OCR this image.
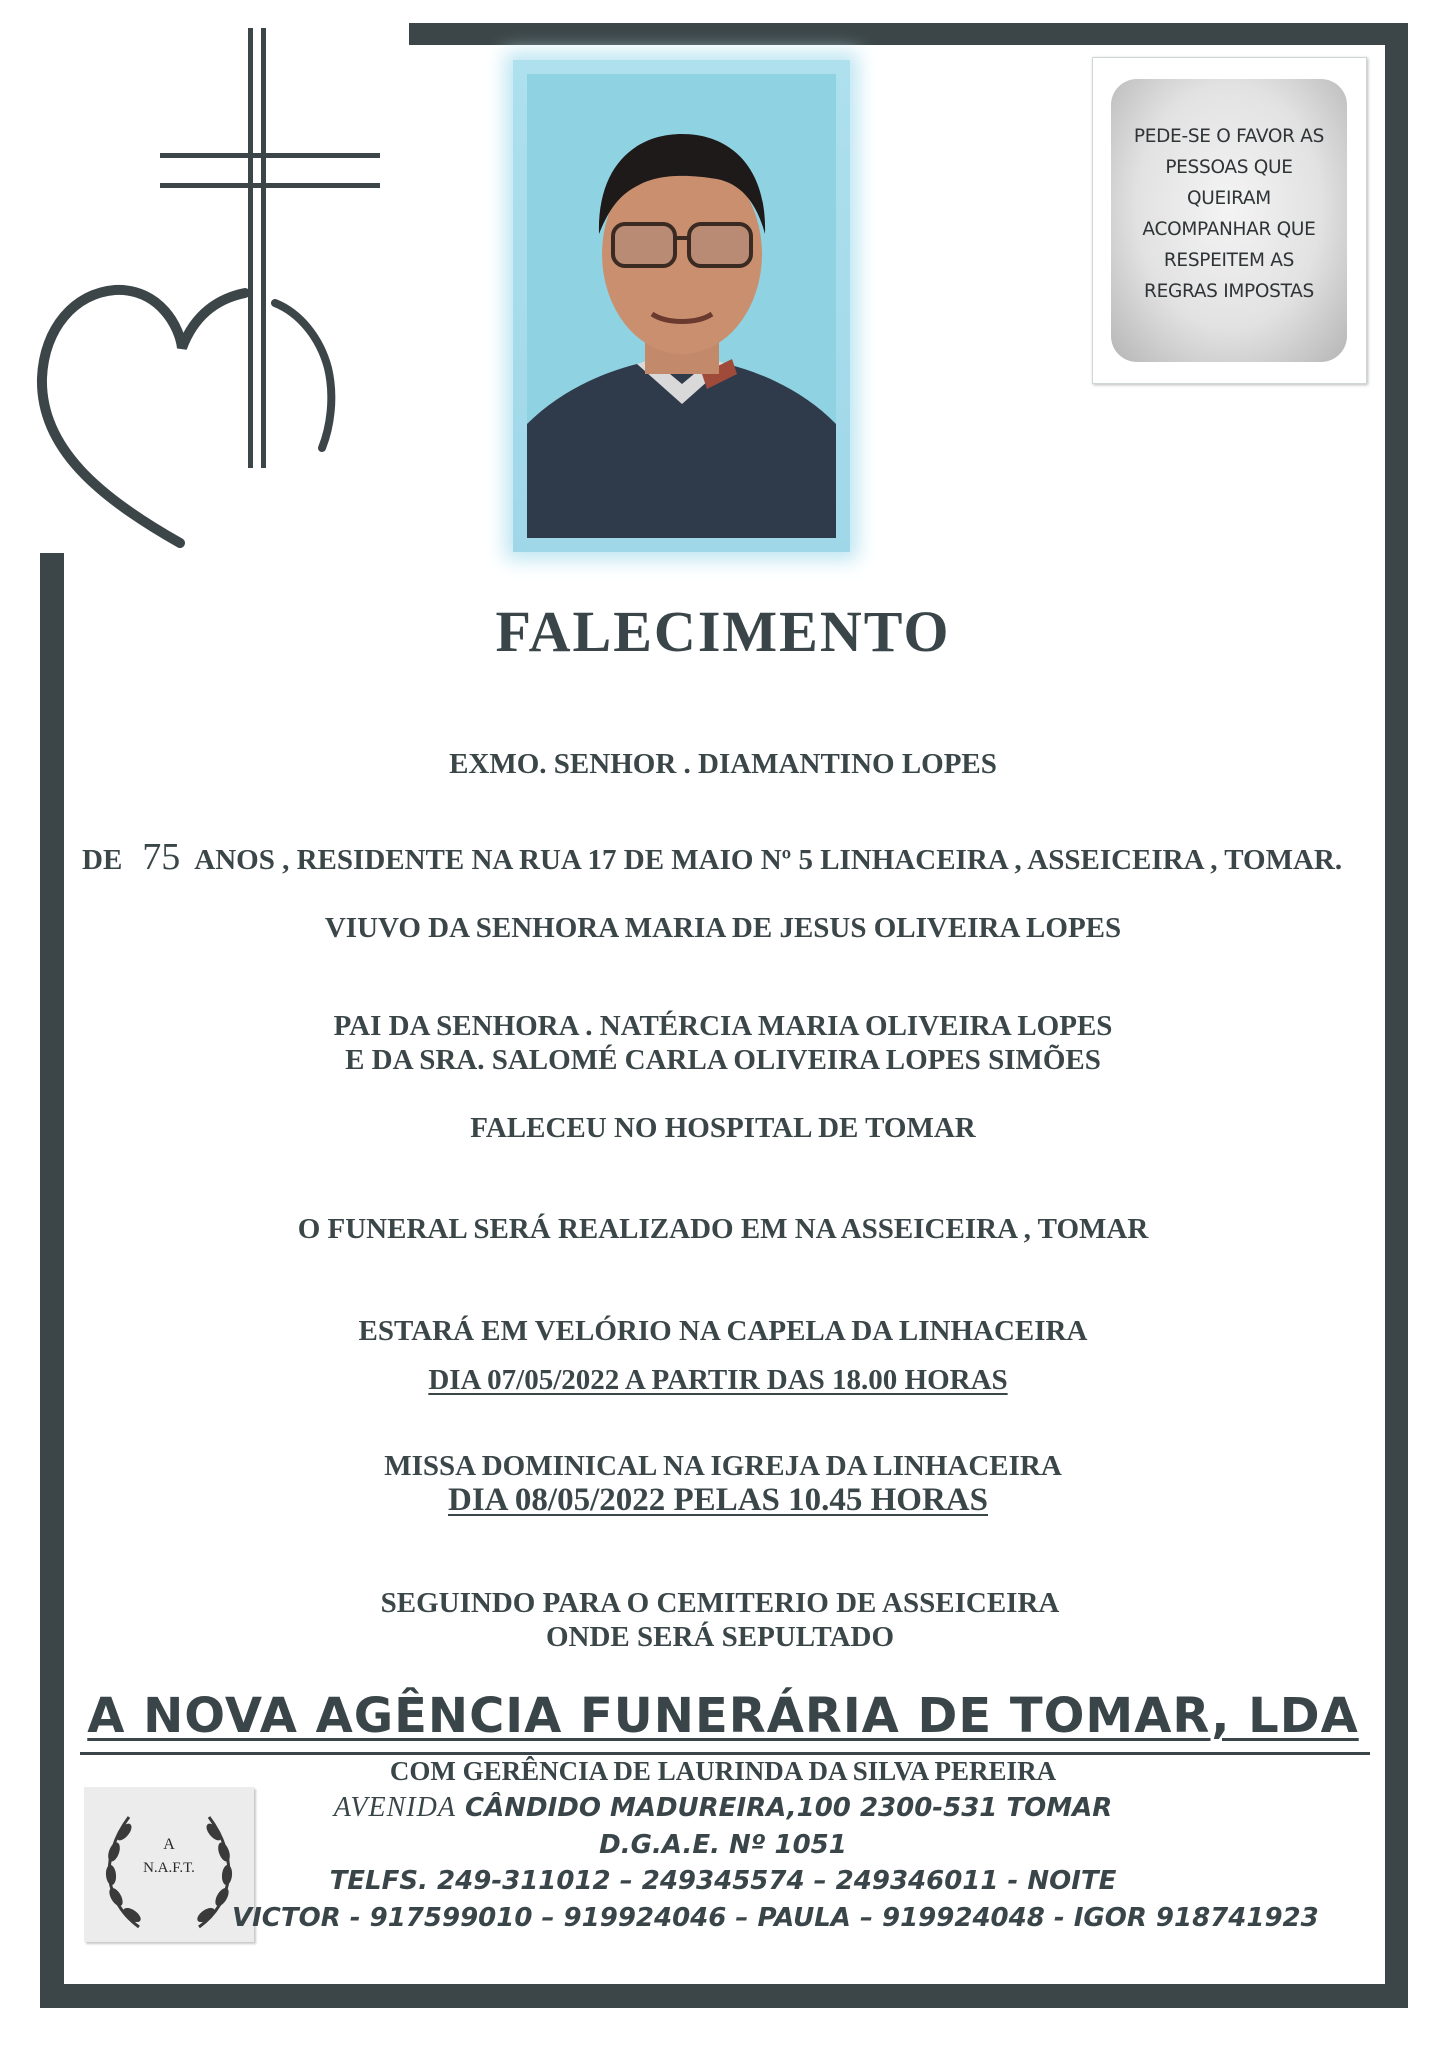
PEDE-SE O FAVOR AS
PESSOAS QUE
QUEIRAM
ACOMPANHAR QUE
RESPEITEM AS
REGRAS IMPOSTAS
FALECIMENTO
EXMO. SENHOR . DIAMANTINO LOPES
DE 75 ANOS , RESIDENTE NA RUA 17 DE MAIO Nº 5 LINHACEIRA , ASSEICEIRA , TOMAR.
VIUVO DA SENHORA MARIA DE JESUS OLIVEIRA LOPES
PAI DA SENHORA . NATÉRCIA MARIA OLIVEIRA LOPES
E DA SRA. SALOMÉ CARLA OLIVEIRA LOPES SIMÕES
FALECEU NO HOSPITAL DE TOMAR
O FUNERAL SERÁ REALIZADO EM NA ASSEICEIRA , TOMAR
ESTARÁ EM VELÓRIO NA CAPELA DA LINHACEIRA
DIA 07/05/2022 A PARTIR DAS 18.00 HORAS
MISSA DOMINICAL NA IGREJA DA LINHACEIRA
DIA 08/05/2022 PELAS 10.45 HORAS
SEGUINDO PARA O CEMITERIO DE ASSEICEIRA
ONDE SERÁ SEPULTADO
A NOVA AGÊNCIA FUNERÁRIA DE TOMAR, LDA
A
N.A.F.T.
COM GERÊNCIA DE LAURINDA DA SILVA PEREIRA
AVENIDA CÂNDIDO MADUREIRA,100 2300-531 TOMAR
D.G.A.E. Nº 1051
TELFS. 249-311012 – 249345574 – 249346011 - NOITE
VICTOR - 917599010 – 919924046 – PAULA – 919924048 - IGOR 918741923
